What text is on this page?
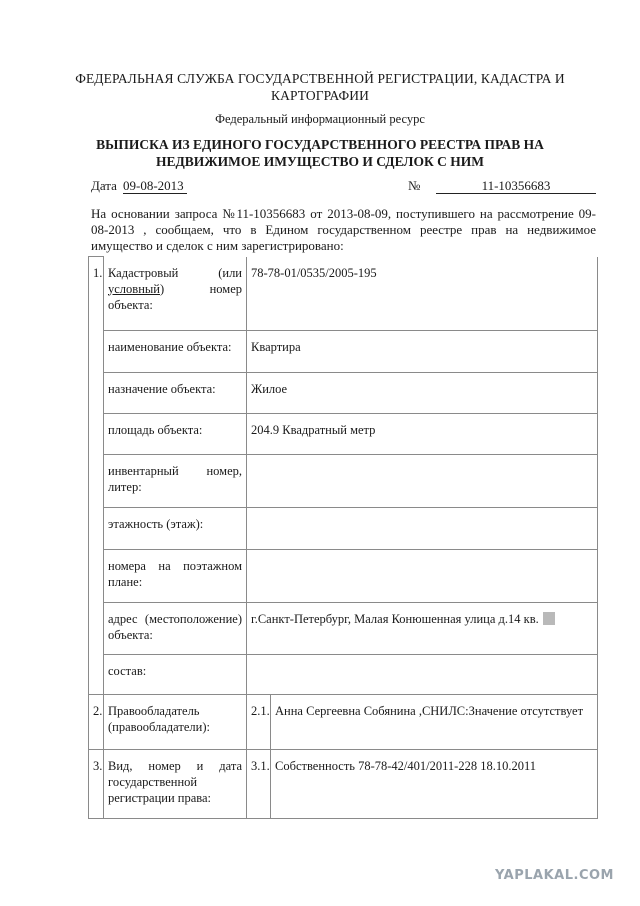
ФЕДЕРАЛЬНАЯ СЛУЖБА ГОСУДАРСТВЕННОЙ РЕГИСТРАЦИИ, КАДАСТРА И КАРТОГРАФИИ
Федеральный информационный ресурс
ВЫПИСКА ИЗ ЕДИНОГО ГОСУДАРСТВЕННОГО РЕЕСТРА ПРАВ НА НЕДВИЖИМОЕ ИМУЩЕСТВО И СДЕЛОК С НИМ
Дата 09-08-2013	№	11-10356683
На основании запроса №11-10356683 от 2013-08-09, поступившего на рассмотрение 09-08-2013 , сообщаем, что в Едином государственном реестре прав на недвижимое имущество и сделок с ним зарегистрировано:
1.	Кадастровый (или условный) номер объекта:	78-78-01/0535/2005-195	
	наименование объекта:	Квартира	
	назначение объекта:	Жилое	
	площадь объекта:	204.9 Квадратный метр	
	инвентарный номер, литер:		
	этажность (этаж):		
	номера на поэтажном плане:		
	адрес (местоположение) объекта:	г.Санкт-Петербург, Малая Конюшенная улица д.14 кв.	
	состав:		
2.	Правообладатель (правообладатели):	2.1.	Анна Сергеевна Собянина ,СНИЛС:Значение отсутствует
3.	Вид, номер и дата государственной регистрации права:	3.1.	Собственность 78-78-42/401/2011-228 18.10.2011
YAPLAKAL.COM
